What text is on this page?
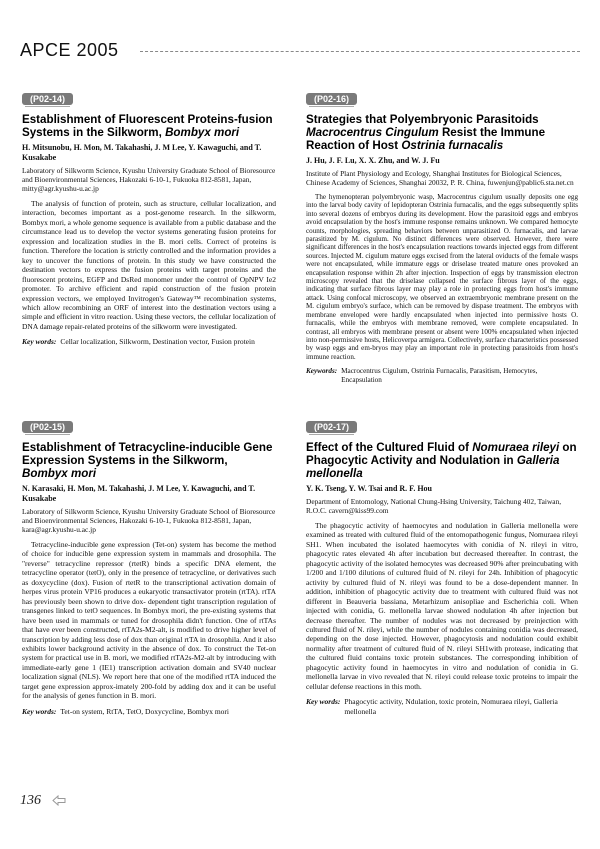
APCE 2005
(P02-14)
Establishment of Fluorescent Proteins-fusion Systems in the Silkworm, Bombyx mori
H. Mitsunobu, H. Mon, M. Takahashi, J. M Lee, Y. Kawaguchi, and T. Kusakabe
Laboratory of Silkworm Science, Kyushu University Graduate School of Bioresource and Bioenvironmental Sciences, Hakozaki 6-10-1, Fukuoka 812-8581, Japan, mitty@agr.kyushu-u.ac.jp
The analysis of function of protein, such as structure, cellular localization, and interaction, becomes important as a post-genome research. In the silkworm, Bombyx mori, a whole genome sequence is available from a public database and the circumstance lead us to develop the vector systems generating fusion proteins for expression and localization studies in the B. mori cells. Correct of proteins is function. Therefore the location is strictly controlled and the information provides a key to uncover the functions of protein. In this study we have constructed the destination vectors to express the fusion proteins with target proteins and the fluorescent proteins, EGFP and DsRed monomer under the control of OpNPV Ie2 promoter. To archive efficient and rapid construction of the fusion protein expression vectors, we employed Invitrogen's Gateway™ recombination systems, which allow recombining an ORF of interest into the destination vectors using a simple and efficient in vitro reaction. Using these vectors, the cellular localization of DNA damage repair-related proteins of the silkworm were investigated.
Key words: Cellar localization, Silkworm, Destination vector, Fusion protein
(P02-15)
Establishment of Tetracycline-inducible Gene Expression Systems in the Silkworm, Bombyx mori
N. Karasaki, H. Mon, M. Takahashi, J. M Lee, Y. Kawaguchi, and T. Kusakabe
Laboratory of Silkworm Science, Kyushu University Graduate School of Bioresource and Bioenvironmental Sciences, Hakozaki 6-10-1, Fukuoka 812-8581, Japan, kara@agr.kyushu-u.ac.jp
Tetracycline-inducible gene expression (Tet-on) system has become the method of choice for inducible gene expression system in mammals and drosophila. The "reverse" tetracycline repressor (rtetR) binds a specific DNA element, the tetracycline operator (tetO), only in the presence of tetracycline, or derivatives such as doxycycline (dox). Fusion of rtetR to the transcriptional activation domain of herpes virus protein VP16 produces a eukaryotic transactivator protein (rtTA). rtTA has previously been shown to drive dox- dependent tight transcription regulation of transgenes linked to tetO sequences. In Bombyx mori, the pre-existing systems that have been used in mammals or tuned for drosophila didn't function. One of rtTAs that have ever been constructed, rtTA2s-M2-alt, is modified to drive higher level of transcription by adding less dose of dox than original rtTA in drosophila. And it also exhibits lower background activity in the absence of dox. To construct the Tet-on system for practical use in B. mori, we modified rtTA2s-M2-alt by introducing with immediate-early gene 1 (IE1) transcription activation domain and SV40 nuclear localization signal (NLS). We report here that one of the modified rtTA induced the target gene expression approx-imately 200-fold by adding dox and it can be useful for the analysis of genes function in B. mori.
Key words: Tet-on system, RtTA, TetO, Doxycycline, Bombyx mori
(P02-16)
Strategies that Polyembryonic Parasitoids Macrocentrus Cingulum Resist the Immune Reaction of Host Ostrinia furnacalis
J. Hu, J. F. Lu, X. X. Zhu, and W. J. Fu
Institute of Plant Physiology and Ecology, Shanghai Institutes for Biological Sciences, Chinese Academy of Sciences, Shanghai 20032, P. R. China, fuwenjun@pablic6.sta.net.cn
The hymenopteran polyembryonic wasp, Macrocentrus cigulum usually deposits one egg into the larval body cavity of lepidopteran Ostrinia furnacalis, and the eggs subsequently splits into several dozens of embryos during its development. How the parasitoid eggs and embryos avoid encapsulation by the host's immune response remains unknown. We compared hemocyte counts, morphologies, spreading behaviors between unparasitized O. furnacalis, and larvae parasitized by M. cigulum. No distinct differences were observed. However, there were significant differences in the host's encapsulation reactions towards injected eggs from different sources. Injected M. cigulum mature eggs excised from the lateral oviducts of the female wasps were not encapsulated, while immature eggs or driselase treated mature ones provoked an encapsulation response within 2h after injection. Inspection of eggs by transmission electron microscopy revealed that the driselase collapsed the surface fibrous layer of the eggs, indicating that surface fibrous layer may play a role in protecting eggs from host's immune attack. Using confocal microscopy, we observed an extraembryonic membrane present on the M. cigulum embryo's surface, which can be removed by dispase treatment. The embryos with membrane enveloped were hardly encapsulated when injected into permissive hosts O. furnacalis, while the embryos with membrane removed, were complete encapsulated. In contrast, all embryos with membrane present or absent were 100% encapsulated when injected into non-permissive hosts, Helicoverpa armigera. Collectively, surface characteristics possessed by wasp eggs and em-bryos may play an important role in protecting parasitoids from host's immune reaction.
Keywords: Macrocentrus Cigulum, Ostrinia Furnacalis, Parasitism, Hemocytes, Encapsulation
(P02-17)
Effect of the Cultured Fluid of Nomuraea rileyi on Phagocytic Activity and Nodulation in Galleria mellonella
Y. K. Tseng, Y. W. Tsai and R. F. Hou
Department of Entomology, National Chung-Hsing University, Taichung 402, Taiwan, R.O.C. cavern@kiss99.com
The phagocytic activity of haemocytes and nodulation in Galleria mellonella were examined as treated with cultured fluid of the entomopathogenic fungus, Nomuraea rileyi SH1. When incubated the isolated haemocytes with conidia of N. rileyi in vitro, phagocytic rates elevated 4h after incubation but decreased thereafter. In contrast, the phagocytic activity of the isolated hemocytes was decreased 90% after preincubating with 1/200 and 1/100 dilutions of cultured fluid of N. rileyi for 24h. Inhibition of phagocytic activity by cultured fluid of N. rileyi was found to be a dose-dependent manner. In addition, inhibition of phagocytic activity due to treatment with cultured fluid was not different in Beauveria bassiana, Metarhizum anisopliae and Escherichia coli. When injected with conidia, G. mellonella larvae showed nodulation 4h after injection but decrease thereafter. The number of nodules was not decreased by preinjection with cultured fluid of N. rileyi, while the number of nodules containing conidia was decreased, depending on the dose injected. However, phagocytosis and nodulation could exhibit normality after treatment of cultured fluid of N. rileyi SH1with protease, indicating that the cultured fluid contains toxic protein substances. The corresponding inhibition of phagocytic activity found in haemocytes in vitro and nodulation of conidia in G. mellonella larvae in vivo revealed that N. rileyi could release toxic proteins to impair the cellular defense reactions in this moth.
Key words: Phagocytic activity, Ndulation, toxic protein, Nomuraea rileyi, Galleria mellonella
136
